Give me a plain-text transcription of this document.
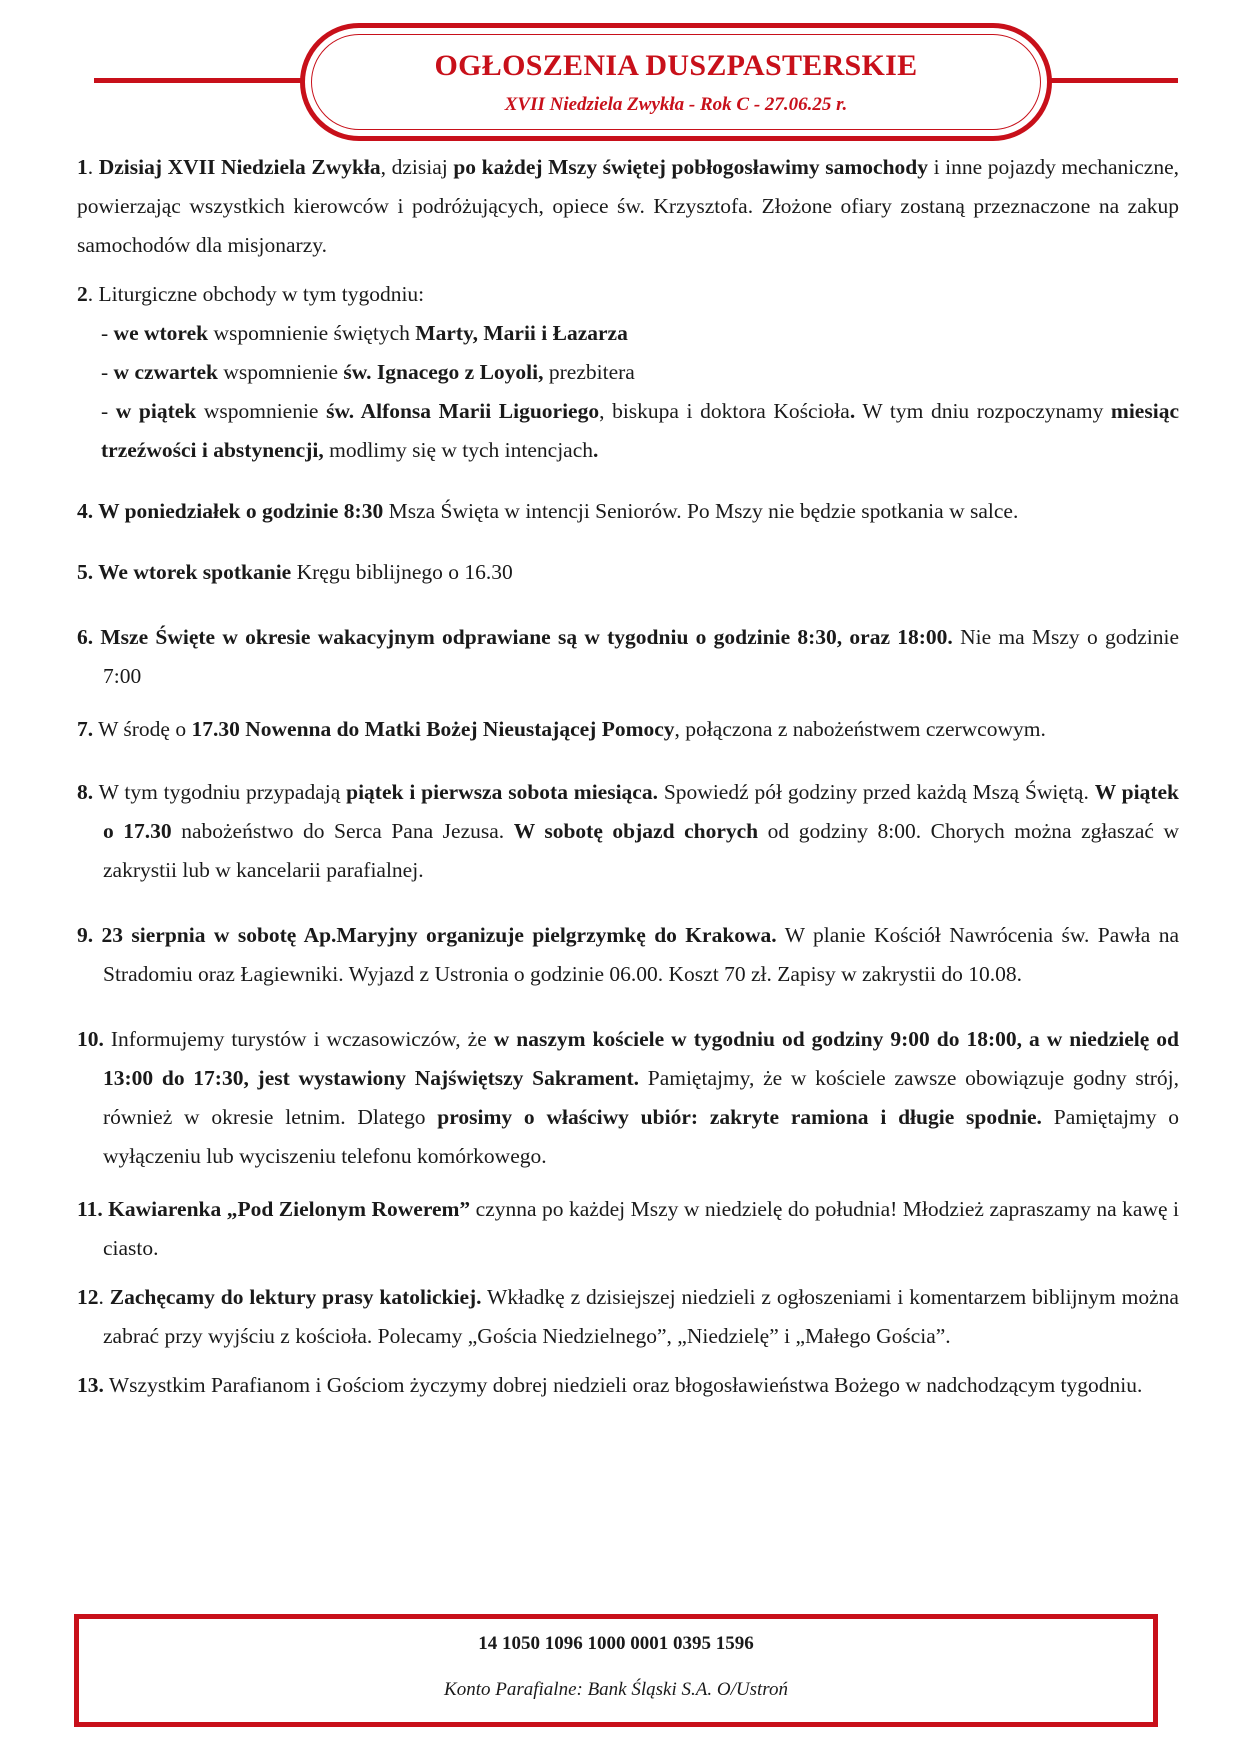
OGŁOSZENIA DUSZPASTERSKIE
XVII Niedziela Zwykła - Rok C - 27.06.25 r.

1. Dzisiaj XVII Niedziela Zwykła, dzisiaj po każdej Mszy świętej pobłogosławimy samochody i inne pojazdy mechaniczne, powierzając wszystkich kierowców i podróżujących, opiece św. Krzysztofa. Złożone ofiary zostaną przeznaczone na zakup samochodów dla misjonarzy.

2. Liturgiczne obchody w tym tygodniu:

- we wtorek wspomnienie świętych Marty, Marii i Łazarza

- w czwartek wspomnienie św. Ignacego z Loyoli, prezbitera

- w piątek wspomnienie św. Alfonsa Marii Liguoriego, biskupa i doktora Kościoła. W tym dniu rozpoczynamy miesiąc trzeźwości i abstynencji, modlimy się w tych intencjach.

4. W poniedziałek o godzinie 8:30 Msza Święta w intencji Seniorów. Po Mszy nie będzie spotkania w salce.

5. We wtorek spotkanie Kręgu biblijnego o 16.30

6. Msze Święte w okresie wakacyjnym odprawiane są w tygodniu o godzinie 8:30, oraz 18:00. Nie ma Mszy o godzinie 7:00

7. W środę o 17.30 Nowenna do Matki Bożej Nieustającej Pomocy, połączona z nabożeństwem czerwcowym.

8. W tym tygodniu przypadają piątek i pierwsza sobota miesiąca. Spowiedź pół godziny przed każdą Mszą Świętą. W piątek o 17.30 nabożeństwo do Serca Pana Jezusa. W sobotę objazd chorych od godziny 8:00. Chorych można zgłaszać w zakrystii lub w kancelarii parafialnej.

9. 23 sierpnia w sobotę Ap.Maryjny organizuje pielgrzymkę do Krakowa. W planie Kościół Nawrócenia św. Pawła na Stradomiu oraz Łagiewniki. Wyjazd z Ustronia o godzinie 06.00. Koszt 70 zł. Zapisy w zakrystii do 10.08.

10. Informujemy turystów i wczasowiczów, że w naszym kościele w tygodniu od godziny 9:00 do 18:00, a w niedzielę od 13:00 do 17:30, jest wystawiony Najświętszy Sakrament. Pamiętajmy, że w kościele zawsze obowiązuje godny strój, również w okresie letnim. Dlatego prosimy o właściwy ubiór: zakryte ramiona i długie spodnie. Pamiętajmy o wyłączeniu lub wyciszeniu telefonu komórkowego.

11. Kawiarenka „Pod Zielonym Rowerem” czynna po każdej Mszy w niedzielę do południa! Młodzież zapraszamy na kawę i ciasto.

12. Zachęcamy do lektury prasy katolickiej. Wkładkę z dzisiejszej niedzieli z ogłoszeniami i komentarzem biblijnym można zabrać przy wyjściu z kościoła. Polecamy „Gościa Niedzielnego”, „Niedzielę” i „Małego Gościa”.

13. Wszystkim Parafianom i Gościom życzymy dobrej niedzieli oraz błogosławieństwa Bożego w nadchodzącym tygodniu.

14 1050 1096 1000 0001 0395 1596
Konto Parafialne: Bank Śląski S.A. O/Ustroń
